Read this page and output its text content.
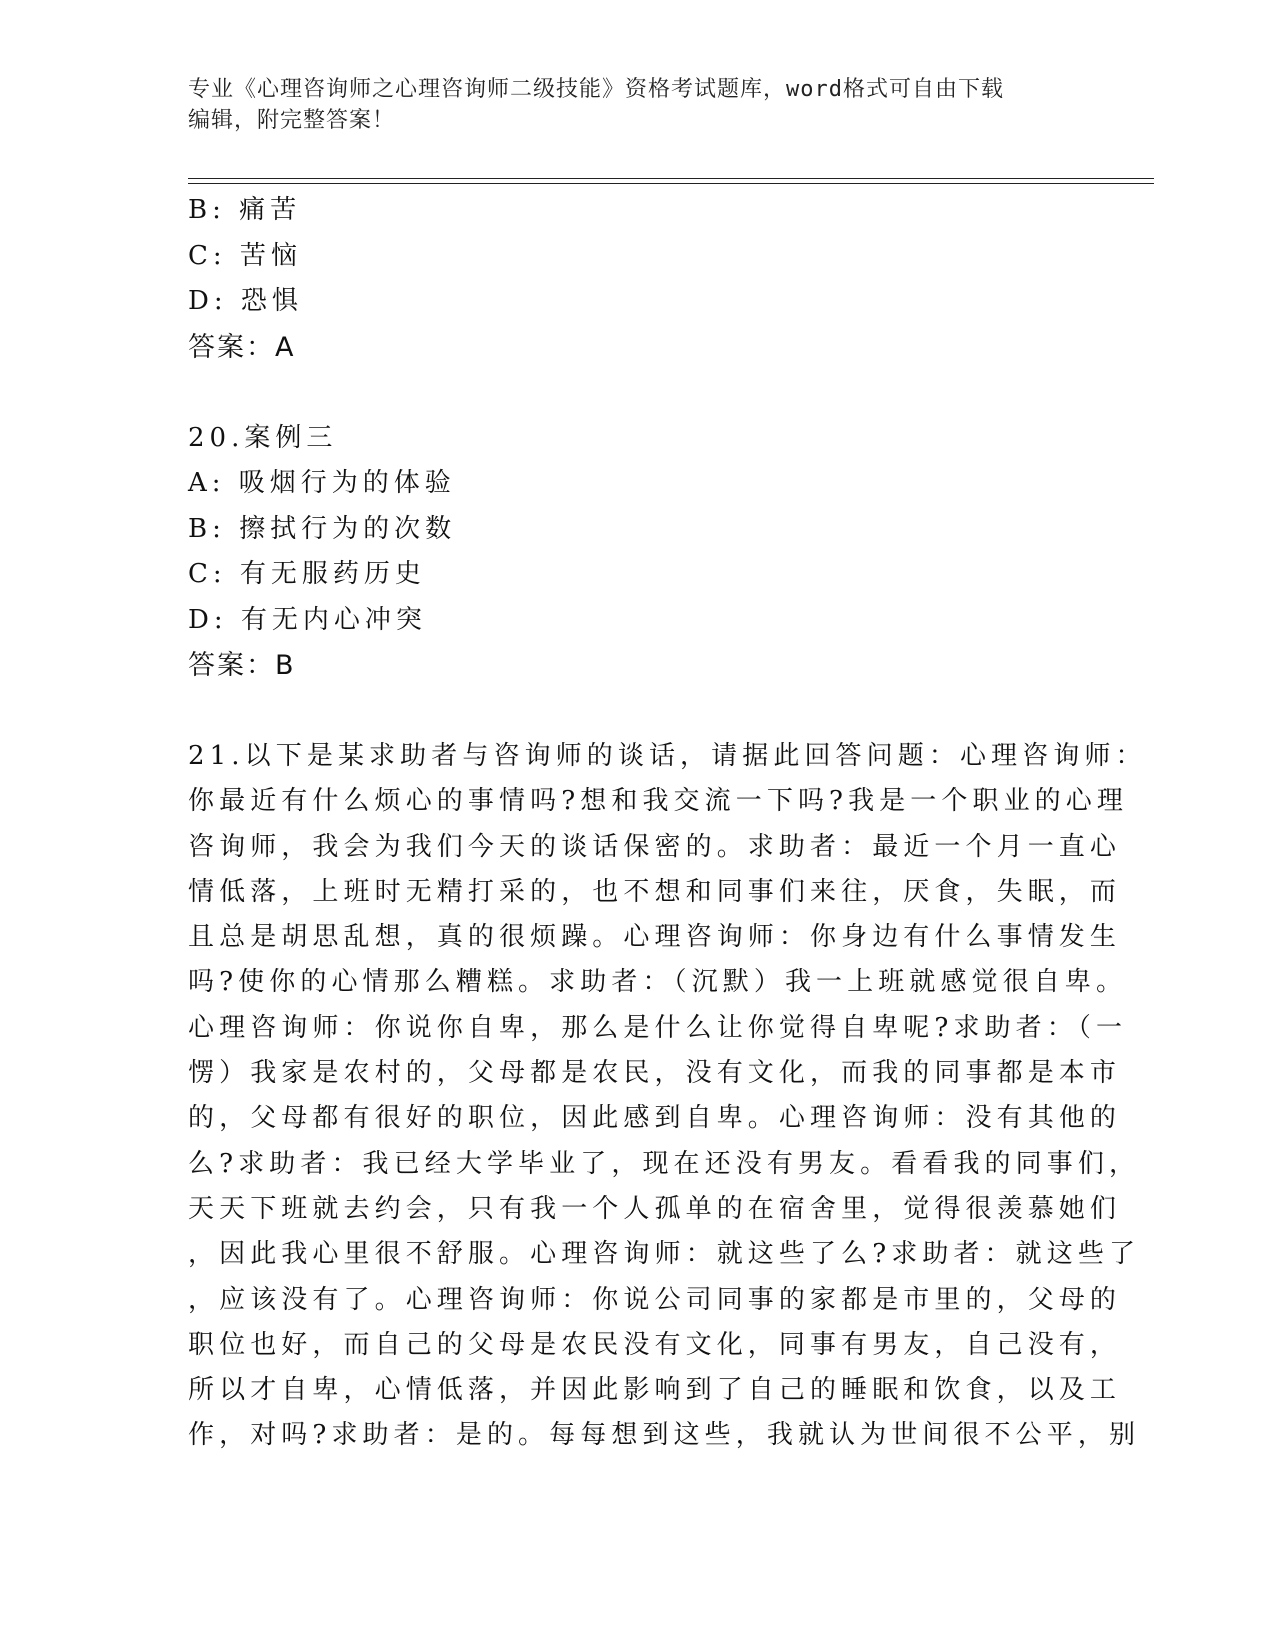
专业《心理咨询师之心理咨询师二级技能》资格考试题库，word格式可自由下载
编辑，附完整答案！
B: 痛苦
C: 苦恼
D: 恐惧
答案：A
20.案例三
A: 吸烟行为的体验
B: 擦拭行为的次数
C: 有无服药历史
D: 有无内心冲突
答案：B
21.以下是某求助者与咨询师的谈话，请据此回答问题：心理咨询师：
你最近有什么烦心的事情吗?想和我交流一下吗?我是一个职业的心理
咨询师，我会为我们今天的谈话保密的。求助者：最近一个月一直心
情低落，上班时无精打采的，也不想和同事们来往，厌食，失眠，而
且总是胡思乱想，真的很烦躁。心理咨询师：你身边有什么事情发生
吗?使你的心情那么糟糕。求助者：（沉默）我一上班就感觉很自卑。
心理咨询师：你说你自卑，那么是什么让你觉得自卑呢?求助者：（一
愣）我家是农村的，父母都是农民，没有文化，而我的同事都是本市
的，父母都有很好的职位，因此感到自卑。心理咨询师：没有其他的
么?求助者：我已经大学毕业了，现在还没有男友。看看我的同事们，
天天下班就去约会，只有我一个人孤单的在宿舍里，觉得很羡慕她们
，因此我心里很不舒服。心理咨询师：就这些了么?求助者：就这些了
，应该没有了。心理咨询师：你说公司同事的家都是市里的，父母的
职位也好，而自己的父母是农民没有文化，同事有男友，自己没有，
所以才自卑，心情低落，并因此影响到了自己的睡眠和饮食，以及工
作，对吗?求助者：是的。每每想到这些，我就认为世间很不公平，别
